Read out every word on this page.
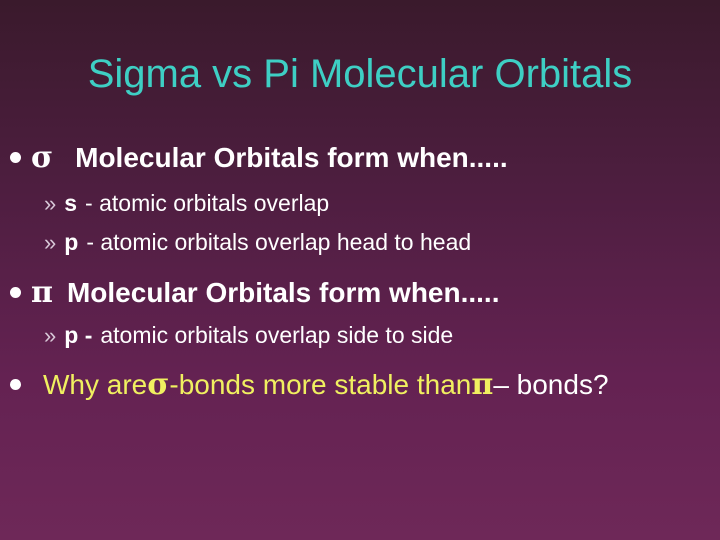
Sigma vs Pi Molecular Orbitals
σ Molecular Orbitals form when.....
» s - atomic orbitals overlap
» p - atomic orbitals overlap head to head
π Molecular Orbitals form when.....
» p - atomic orbitals overlap side to side
Why are σ -bonds more stable than π – bonds?
